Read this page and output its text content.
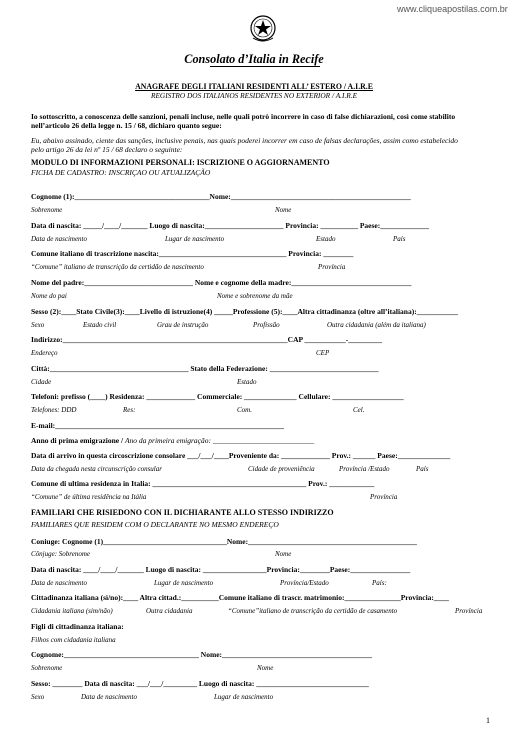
www.cliqueapostilas.com.br
Consolato d’Italia in Recife
ANAGRAFE DEGLI ITALIANI RESIDENTI ALL’ ESTERO / A.I.R.E
REGISTRO DOS ITALIANOS RESIDENTES NO EXTERIOR / A.I.R.E
Io sottoscritto, a conoscenza delle sanzioni, penali incluse, nelle quali potrò incorrere in caso di false dichiarazioni, così come stabilito
nell’articolo 26 della legge n. 15 / 68, dichiaro quanto segue:
Eu, abaixo assinado, ciente das sanções, inclusive penais, nas quais poderei incorrer em caso de falsas declarações, assim como estabelecido
pelo artigo 26 da lei nº 15 / 68 declaro o seguinte:
MODULO DI INFORMAZIONI PERSONALI: ISCRIZIONE O AGGIORNAMENTO
FICHA DE CADASTRO: INSCRIÇAO OU ATUALIZAÇÃO
Cognome (1):____________________________________Nome:________________________________________________
Sobrenome	Nome
Data di nascita: _____/____/_______ Luogo di nascita:_____________________ Provincia: __________ Paese:_____________
Data de nascimento	Lugar de nascimento	Estado	País
Comune italiano di trascrizione nascita:__________________________________ Provincia: ________
“Comune” italiano de transcrição da certidão de nascimento	Província
Nome del padre:_____________________________ Nome e cognome della madre:________________________________
Nome do pai	Nome e sobrenome da mãe
Sesso (2):____Stato Civile(3):____Livello di istruzione(4) _____Professione (5):____Altra cittadinanza (oltre all’italiana):___________
Sexo	Estado civil	Grau de instrução	Profissão	Outra cidadania (além da italiana)
Indirizzo:____________________________________________________________CAP ___________-_________
Endereço	CEP
Città:_____________________________________ Stato della Federazione: _____________________________
Cidade	Estado
Telefoni: prefisso (____) Residenza: _____________ Commerciale: ______________ Cellulare: ___________________
Telefones: DDD	Res:	Com.	Cel.
E-mail:_____________________________________________________________
Anno di prima emigrazione / Ano da primeira emigração: ___________________________
Data di arrivo in questa circoscrizione consolare ___/___/____Proveniente da: _____________ Prov.: ______ Paese:______________
Data da chegada nesta circunscrição consular	Cidade de proveniência	Província /Estado	País
Comune di ultima residenza in Italia: _________________________________________ Prov.: ____________
“Comune” de última residência na Itália	Província
FAMILIARI CHE RISIEDONO CON IL DICHIARANTE ALLO STESSO INDIRIZZO
FAMILIARES QUE RESIDEM COM O DECLARANTE NO MESMO ENDEREÇO
Coniuge: Cognome (1)_________________________________Nome:_____________________________________________
Cônjuge: Sobrenome	Nome
Data di nascita: ____/____/_______ Luogo di nascita: _________________Provincia:________Paese:________________
Data de nascimento	Lugar de nascimento	Província/Estado	País:
Cittadinanza italiana (sì/no):____ Altra cittad.:__________Comune italiano di trascr. matrimonio:_______________Provincia:____
Cidadania italiana (sim/não)	Outra cidadania	“Comune”italiano de transcrição da certidão de casamento	Província
Figli di cittadinanza italiana:
Filhos com cidadania italiana
Cognome:____________________________________ Nome:________________________________________
Sobrenome	Nome
Sesso: ________ Data di nascita: ___/___/_________ Luogo di nascita: ______________________________
Sexo	Data de nascimento	Lugar de nascimento
1
